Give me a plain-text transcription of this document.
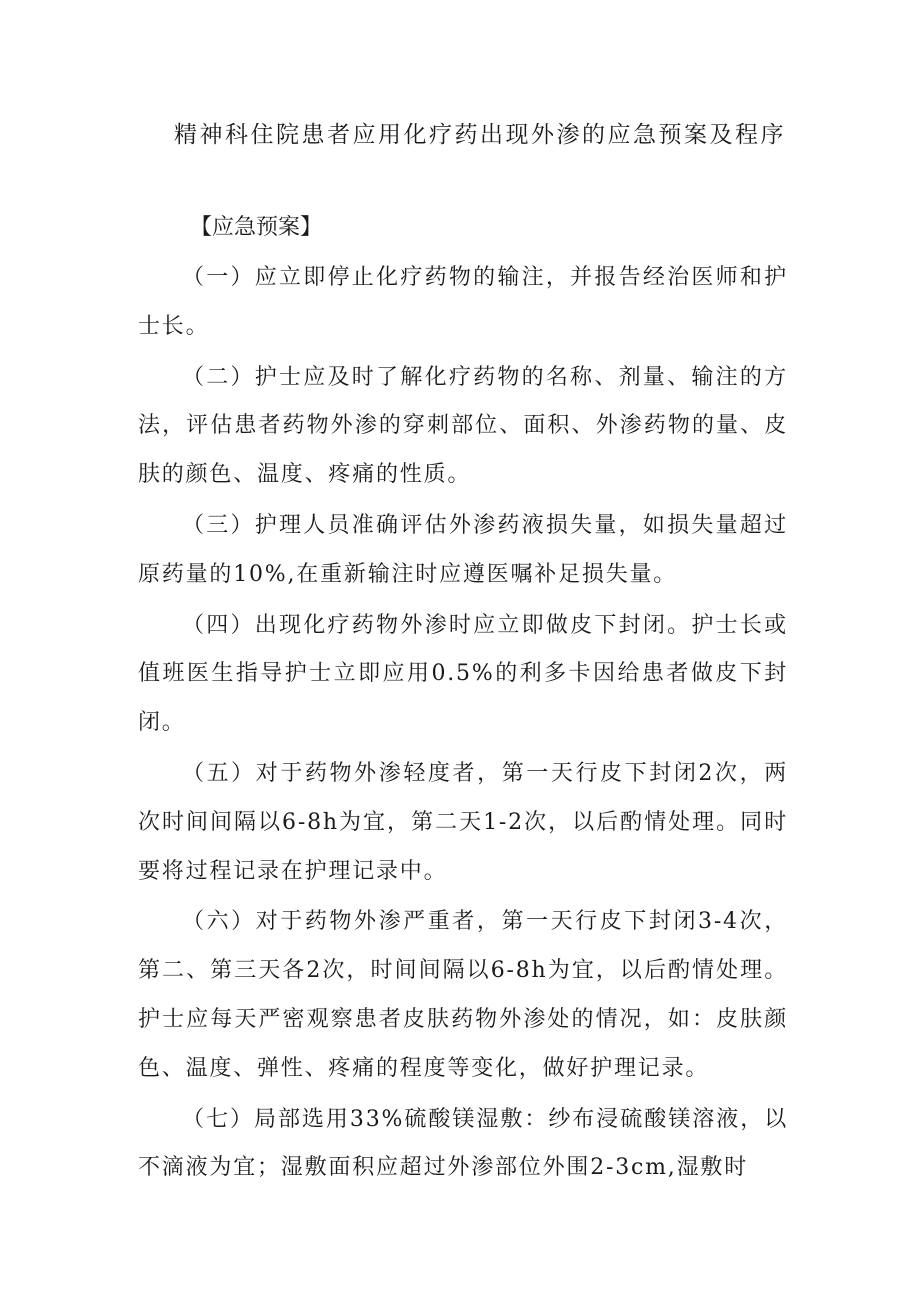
精神科住院患者应用化疗药出现外渗的应急预案及程序
【应急预案】

（一）应立即停止化疗药物的输注，并报告经治医师和护士长。

（二）护士应及时了解化疗药物的名称、剂量、输注的方法，评估患者药物外渗的穿刺部位、面积、外渗药物的量、皮肤的颜色、温度、疼痛的性质。

（三）护理人员准确评估外渗药液损失量，如损失量超过原药量的10%,在重新输注时应遵医嘱补足损失量。

（四）出现化疗药物外渗时应立即做皮下封闭。护士长或值班医生指导护士立即应用0.5%的利多卡因给患者做皮下封闭。

（五）对于药物外渗轻度者，第一天行皮下封闭2次，两次时间间隔以6-8h为宜，第二天1-2次，以后酌情处理。同时要将过程记录在护理记录中。

（六）对于药物外渗严重者，第一天行皮下封闭3-4次，第二、第三天各2次，时间间隔以6-8h为宜，以后酌情处理。护士应每天严密观察患者皮肤药物外渗处的情况，如：皮肤颜色、温度、弹性、疼痛的程度等变化，做好护理记录。

（七）局部选用33%硫酸镁湿敷：纱布浸硫酸镁溶液，以不滴液为宜；湿敷面积应超过外渗部位外围2-3cm,湿敷时
